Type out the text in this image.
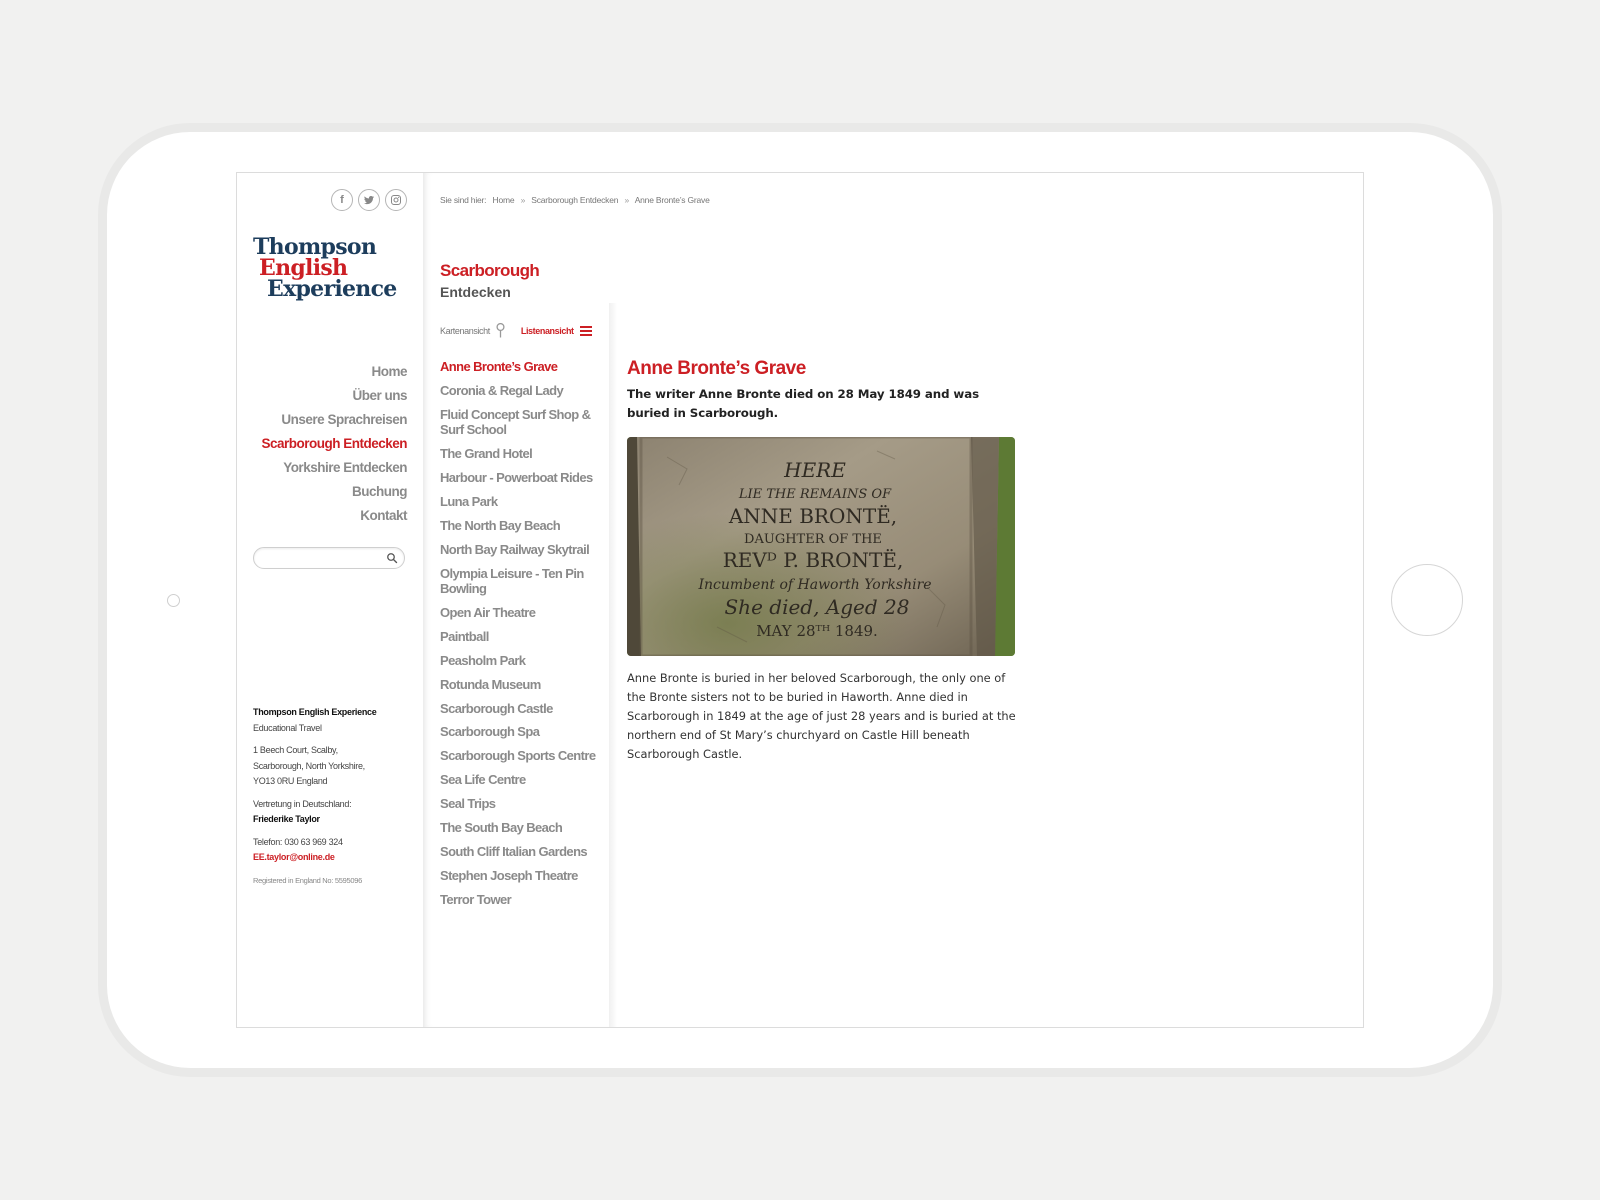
f
Thompson
English
Experience
Home
Über uns
Unsere Sprachreisen
Scarborough Entdecken
Yorkshire Entdecken
Buchung
Kontakt
Thompson English Experience
Educational Travel
1 Beech Court, Scalby,
Scarborough, North Yorkshire,
YO13 0RU England
Vertretung in Deutschland:
Friederike Taylor
Telefon: 030 63 969 324
EE.taylor@online.de
Registered in England No: 5595096
Sie sind hier: Home » Scarborough Entdecken » Anne Bronte’s Grave
Scarborough
Entdecken
Kartenansicht	Listenansicht
Anne Bronte’s Grave
Coronia & Regal Lady
Fluid Concept Surf Shop & Surf School
The Grand Hotel
Harbour - Powerboat Rides
Luna Park
The North Bay Beach
North Bay Railway Skytrail
Olympia Leisure - Ten Pin Bowling
Open Air Theatre
Paintball
Peasholm Park
Rotunda Museum
Scarborough Castle
Scarborough Spa
Scarborough Sports Centre
Sea Life Centre
Seal Trips
The South Bay Beach
South Cliff Italian Gardens
Stephen Joseph Theatre
Terror Tower
Anne Bronte’s Grave

The writer Anne Bronte died on 28 May 1849 and was buried in Scarborough.

HERE
LIE THE REMAINS OF
ANNE BRONTË,
DAUGHTER OF THE
REVᴰ P. BRONTË,
Incumbent of Haworth Yorkshire
She died, Aged 28
MAY 28ᵀᴴ 1849.

Anne Bronte is buried in her beloved Scarborough, the only one of the Bronte sisters not to be buried in Haworth. Anne died in Scarborough in 1849 at the age of just 28 years and is buried at the northern end of St Mary’s churchyard on Castle Hill beneath Scarborough Castle.
